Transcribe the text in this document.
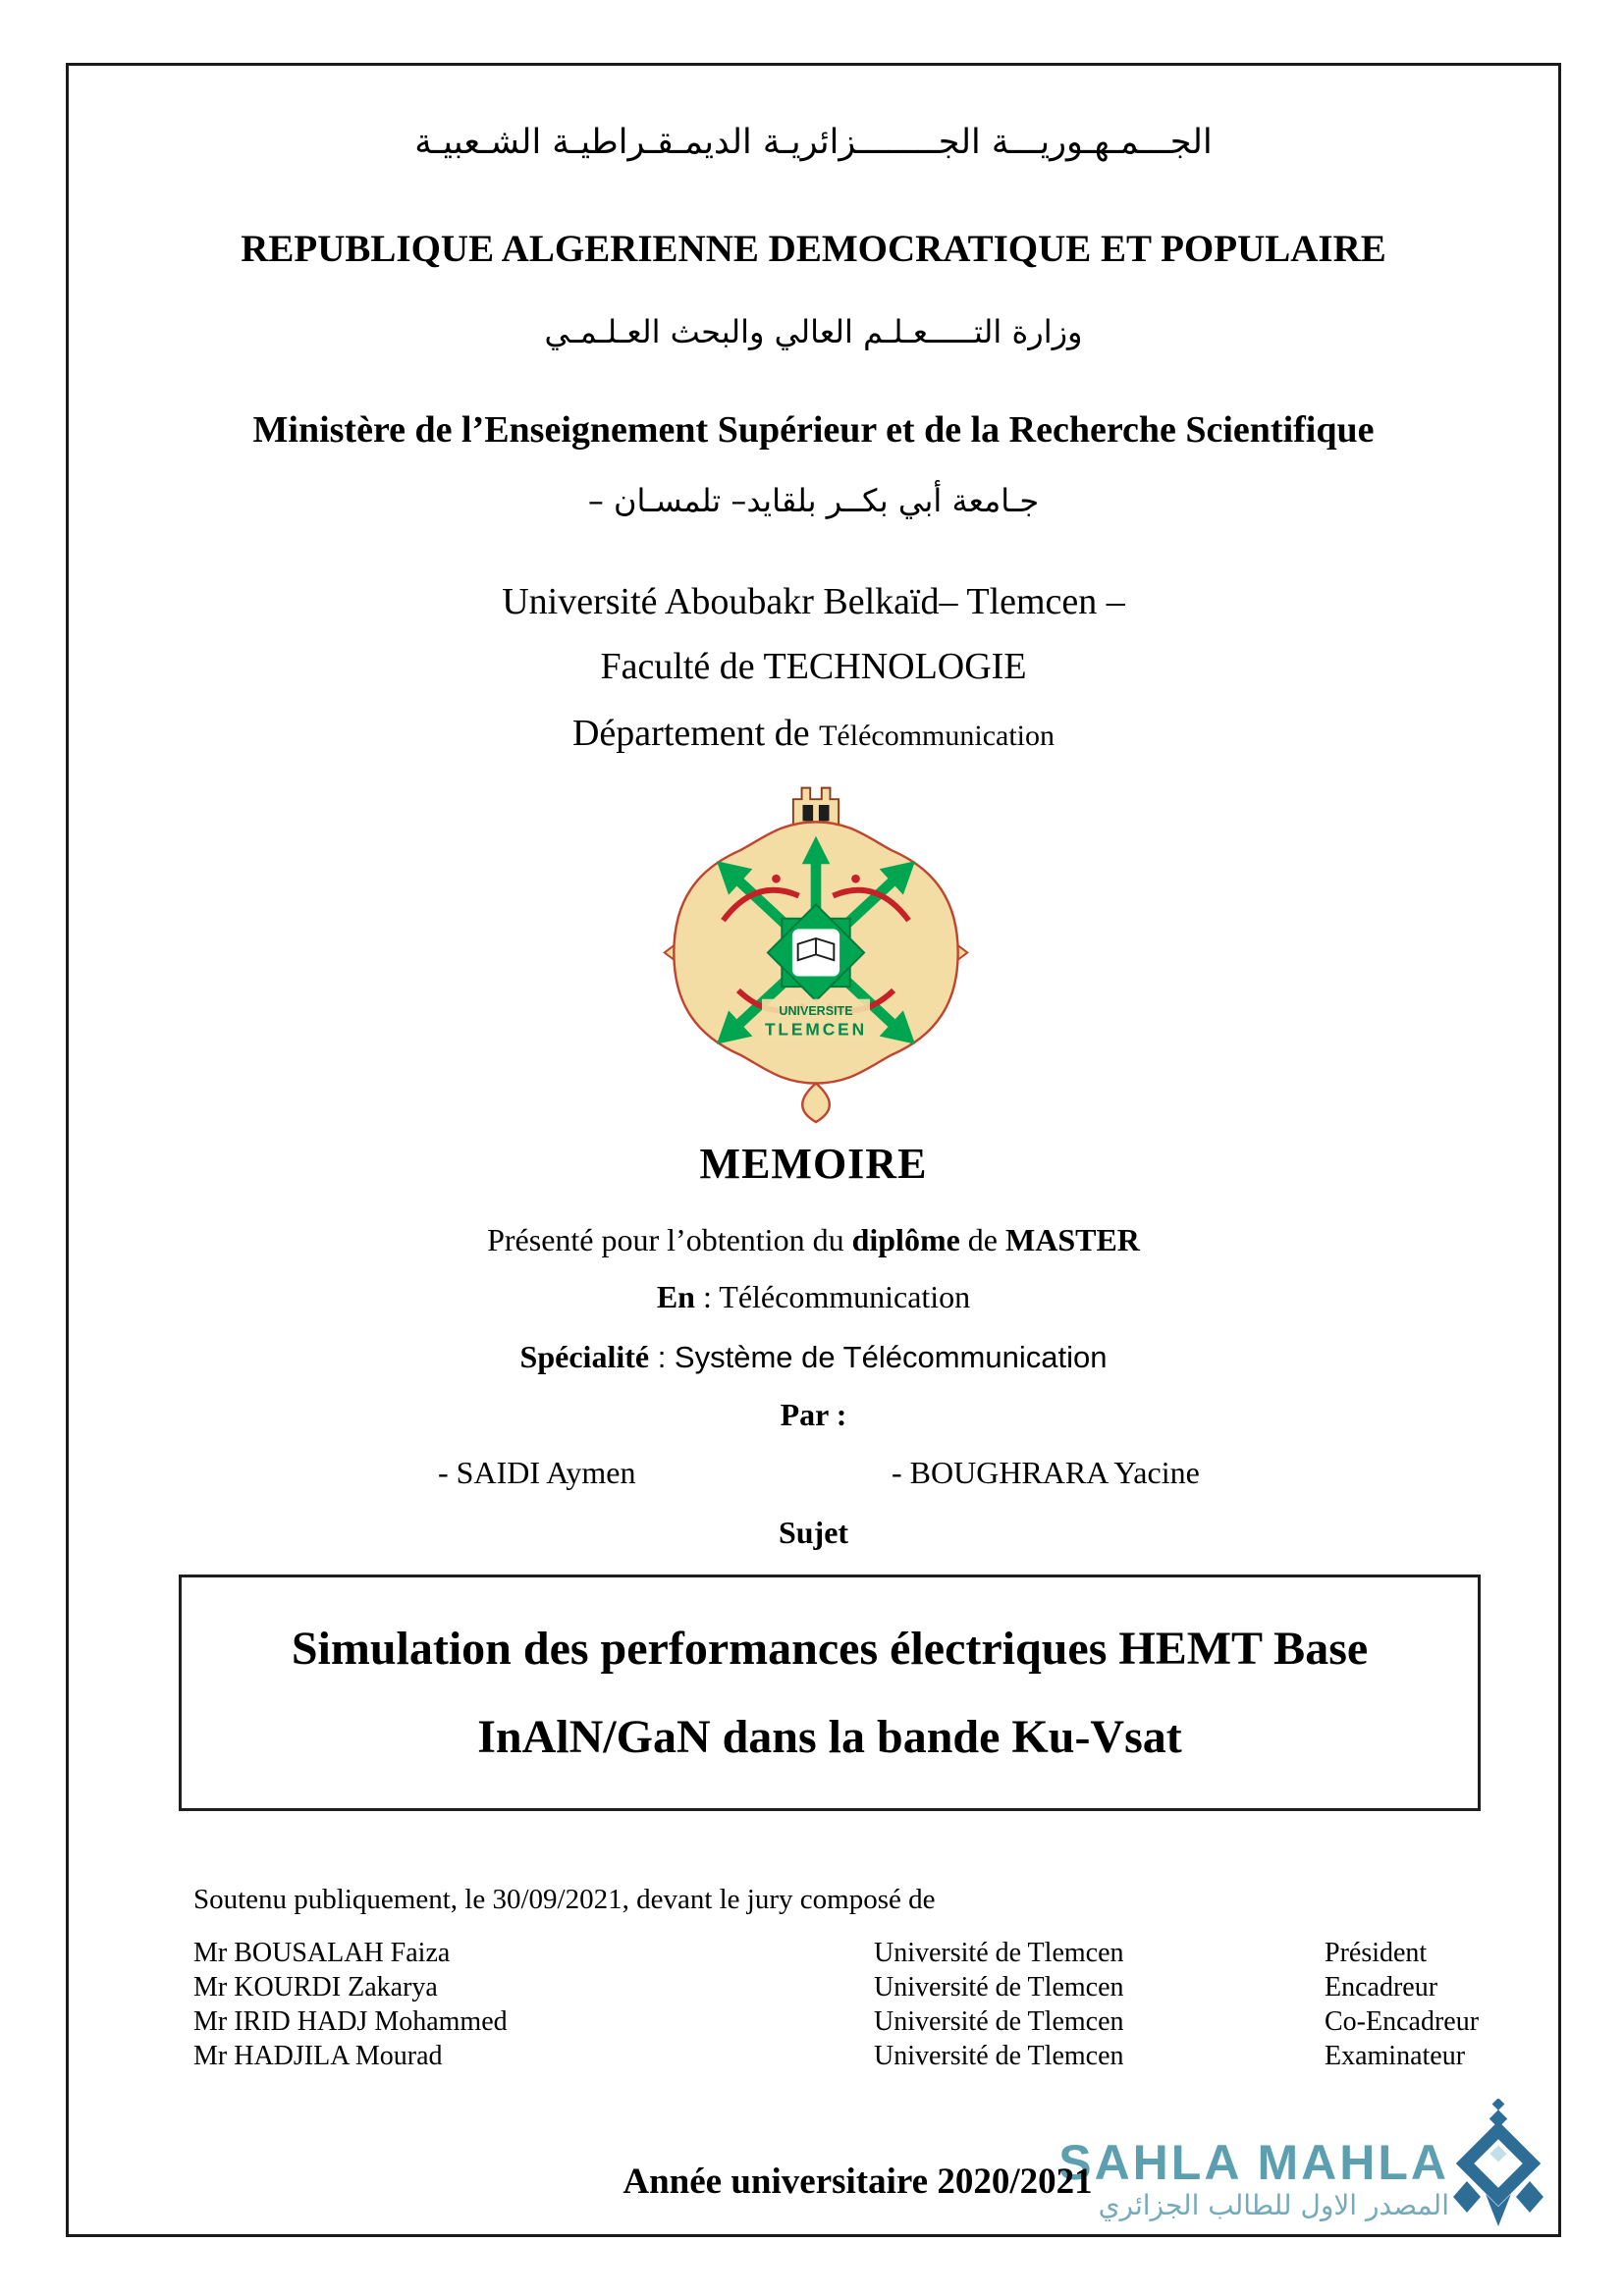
الجـــمـهـوريـــة الجــــــــزائريـة الديمـقـراطيـة الشـعبيـة
REPUBLIQUE ALGERIENNE DEMOCRATIQUE ET POPULAIRE
وزارة التـــــعـلـم العالي والبحث العـلـمـي
Ministère de l’Enseignement Supérieur et de la Recherche Scientifique
جـامعة أبي بكــر بلقايد– تلمسـان –
Université Aboubakr Belkaïd– Tlemcen –
Faculté de TECHNOLOGIE
Département de Télécommunication
UNIVERSITE
TLEMCEN
MEMOIRE
Présenté pour l’obtention du diplôme de MASTER
En : Télécommunication
Spécialité : Système de Télécommunication
Par :
- SAIDI Aymen	- BOUGHRARA Yacine
Sujet
Simulation des performances électriques HEMT Base
InAlN/GaN dans la bande Ku-Vsat
Soutenu publiquement, le 30/09/2021, devant le jury composé de
Mr BOUSALAH Faiza	Université de Tlemcen	Président
Mr KOURDI Zakarya	Université de Tlemcen	Encadreur
Mr IRID HADJ Mohammed	Université de Tlemcen	Co-Encadreur
Mr HADJILA Mourad	Université de Tlemcen	Examinateur
Année universitaire 2020/2021
SAHLA MAHLA
المصدر الاول للطالب الجزائري
